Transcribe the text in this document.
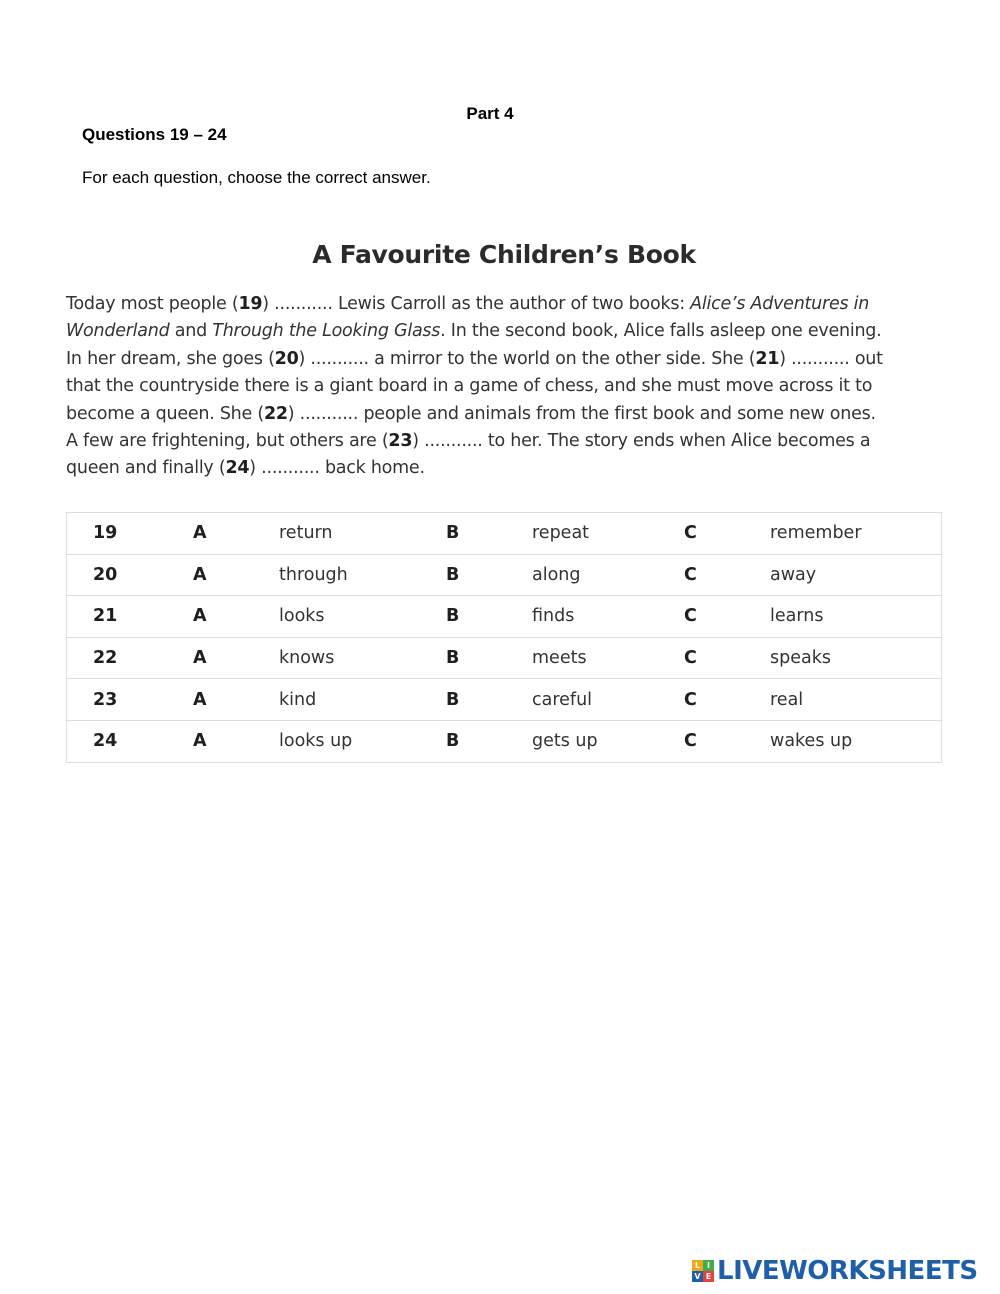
Part 4
Questions 19 – 24
For each question, choose the correct answer.
A Favourite Children’s Book
Today most people (19) ........... Lewis Carroll as the author of two books: Alice’s Adventures in
Wonderland and Through the Looking Glass. In the second book, Alice falls asleep one evening.
In her dream, she goes (20) ........... a mirror to the world on the other side. She (21) ........... out
that the countryside there is a giant board in a game of chess, and she must move across it to
become a queen. She (22) ........... people and animals from the first book and some new ones.
A few are frightening, but others are (23) ........... to her. The story ends when Alice becomes a
queen and finally (24) ........... back home.
19	A	return	B	repeat	C	remember
20	A	through	B	along	C	away
21	A	looks	B	finds	C	learns
22	A	knows	B	meets	C	speaks
23	A	kind	B	careful	C	real
24	A	looks up	B	gets up	C	wakes up
L I
V E LIVEWORKSHEETS
